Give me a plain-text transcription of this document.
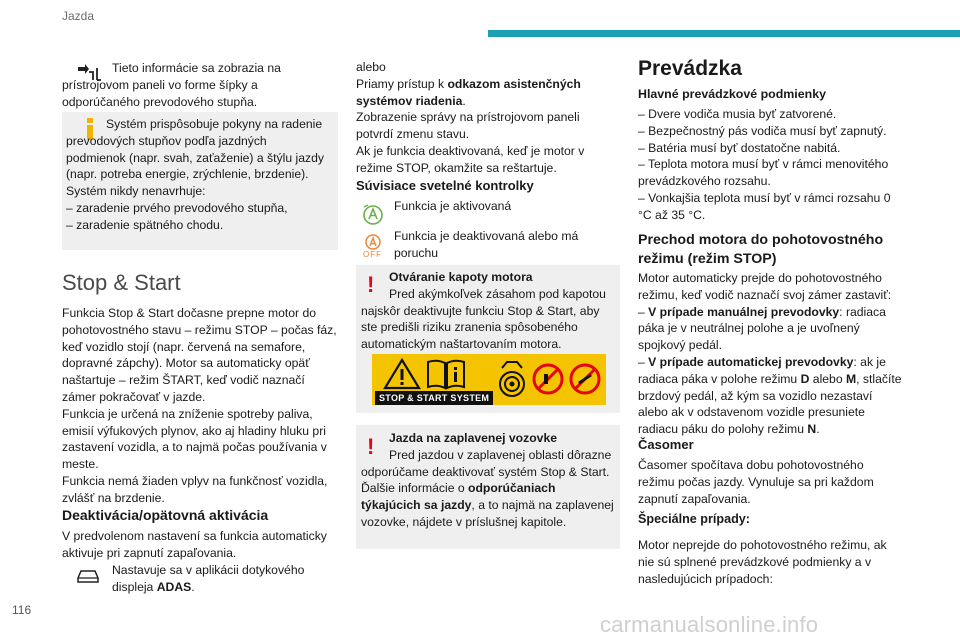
Jazda

Tieto informácie sa zobrazia na prístrojovom paneli vo forme šípky a odporúčaného prevodového stupňa.

Systém prispôsobuje pokyny na radenie prevodových stupňov podľa jazdných podmienok (napr. svah, zaťaženie) a štýlu jazdy (napr. potreba energie, zrýchlenie, brzdenie).

Systém nikdy nenavrhuje:

– zaradenie prvého prevodového stupňa,

– zaradenie spätného chodu.

Stop & Start

Funkcia Stop & Start dočasne prepne motor do pohotovostného stavu – režimu STOP – počas fáz, keď vozidlo stojí (napr. červená na semafore, dopravné zápchy). Motor sa automaticky opäť naštartuje – režim ŠTART, keď vodič naznačí zámer pokračovať v jazde.

Funkcia je určená na zníženie spotreby paliva, emisií výfukových plynov, ako aj hladiny hluku pri zastavení vozidla, a to najmä počas používania v meste.

Funkcia nemá žiaden vplyv na funkčnosť vozidla, zvlášť na brzdenie.

Deaktivácia/opätovná aktivácia

V predvolenom nastavení sa funkcia automaticky aktivuje pri zapnutí zapaľovania.

Nastavuje sa v aplikácii dotykového displeja ADAS.
116

alebo

Priamy prístup k odkazom asistenčných systémov riadenia.

Zobrazenie správy na prístrojovom paneli potvrdí zmenu stavu.

Ak je funkcia deaktivovaná, keď je motor v režime STOP, okamžite sa reštartuje.

Súvisiace svetelné kontrolky
Funkcia je aktivovaná
OFF
Funkcia je deaktivovaná alebo má poruchu
!	Otváranie kapoty motora

Pred akýmkoľvek zásahom pod kapotou najskôr deaktivujte funkciu Stop & Start, aby ste predišli riziku zranenia spôsobeného automatickým naštartovaním motora.

STOP & START SYSTEM
!	Jazda na zaplavenej vozovke

Pred jazdou v zaplavenej oblasti dôrazne odporúčame deaktivovať systém Stop & Start. Ďalšie informácie o odporúčaniach týkajúcich sa jazdy, a to najmä na zaplavenej vozovke, nájdete v príslušnej kapitole.

Prevádzka
Hlavné prevádzkové podmienky

– Dvere vodiča musia byť zatvorené.

– Bezpečnostný pás vodiča musí byť zapnutý.

– Batéria musí byť dostatočne nabitá.

– Teplota motora musí byť v rámci menovitého prevádzkového rozsahu.

– Vonkajšia teplota musí byť v rámci rozsahu 0 °C až 35 °C.

Prechod motora do pohotovostného režimu (režim STOP)

Motor automaticky prejde do pohotovostného režimu, keď vodič naznačí svoj zámer zastaviť:

– V prípade manuálnej prevodovky: radiaca páka je v neutrálnej polohe a je uvoľnený spojkový pedál.

– V prípade automatickej prevodovky: ak je radiaca páka v polohe režimu D alebo M, stlačíte brzdový pedál, až kým sa vozidlo nezastaví alebo ak v odstavenom vozidle presuniete radiacu páku do polohy režimu N.

Časomer
Časomer spočítava dobu pohotovostného režimu počas jazdy. Vynuluje sa pri každom zapnutí zapaľovania.
Špeciálne prípady:
Motor neprejde do pohotovostného režimu, ak nie sú splnené prevádzkové podmienky a v nasledujúcich prípadoch:
carmanualsonline.info
